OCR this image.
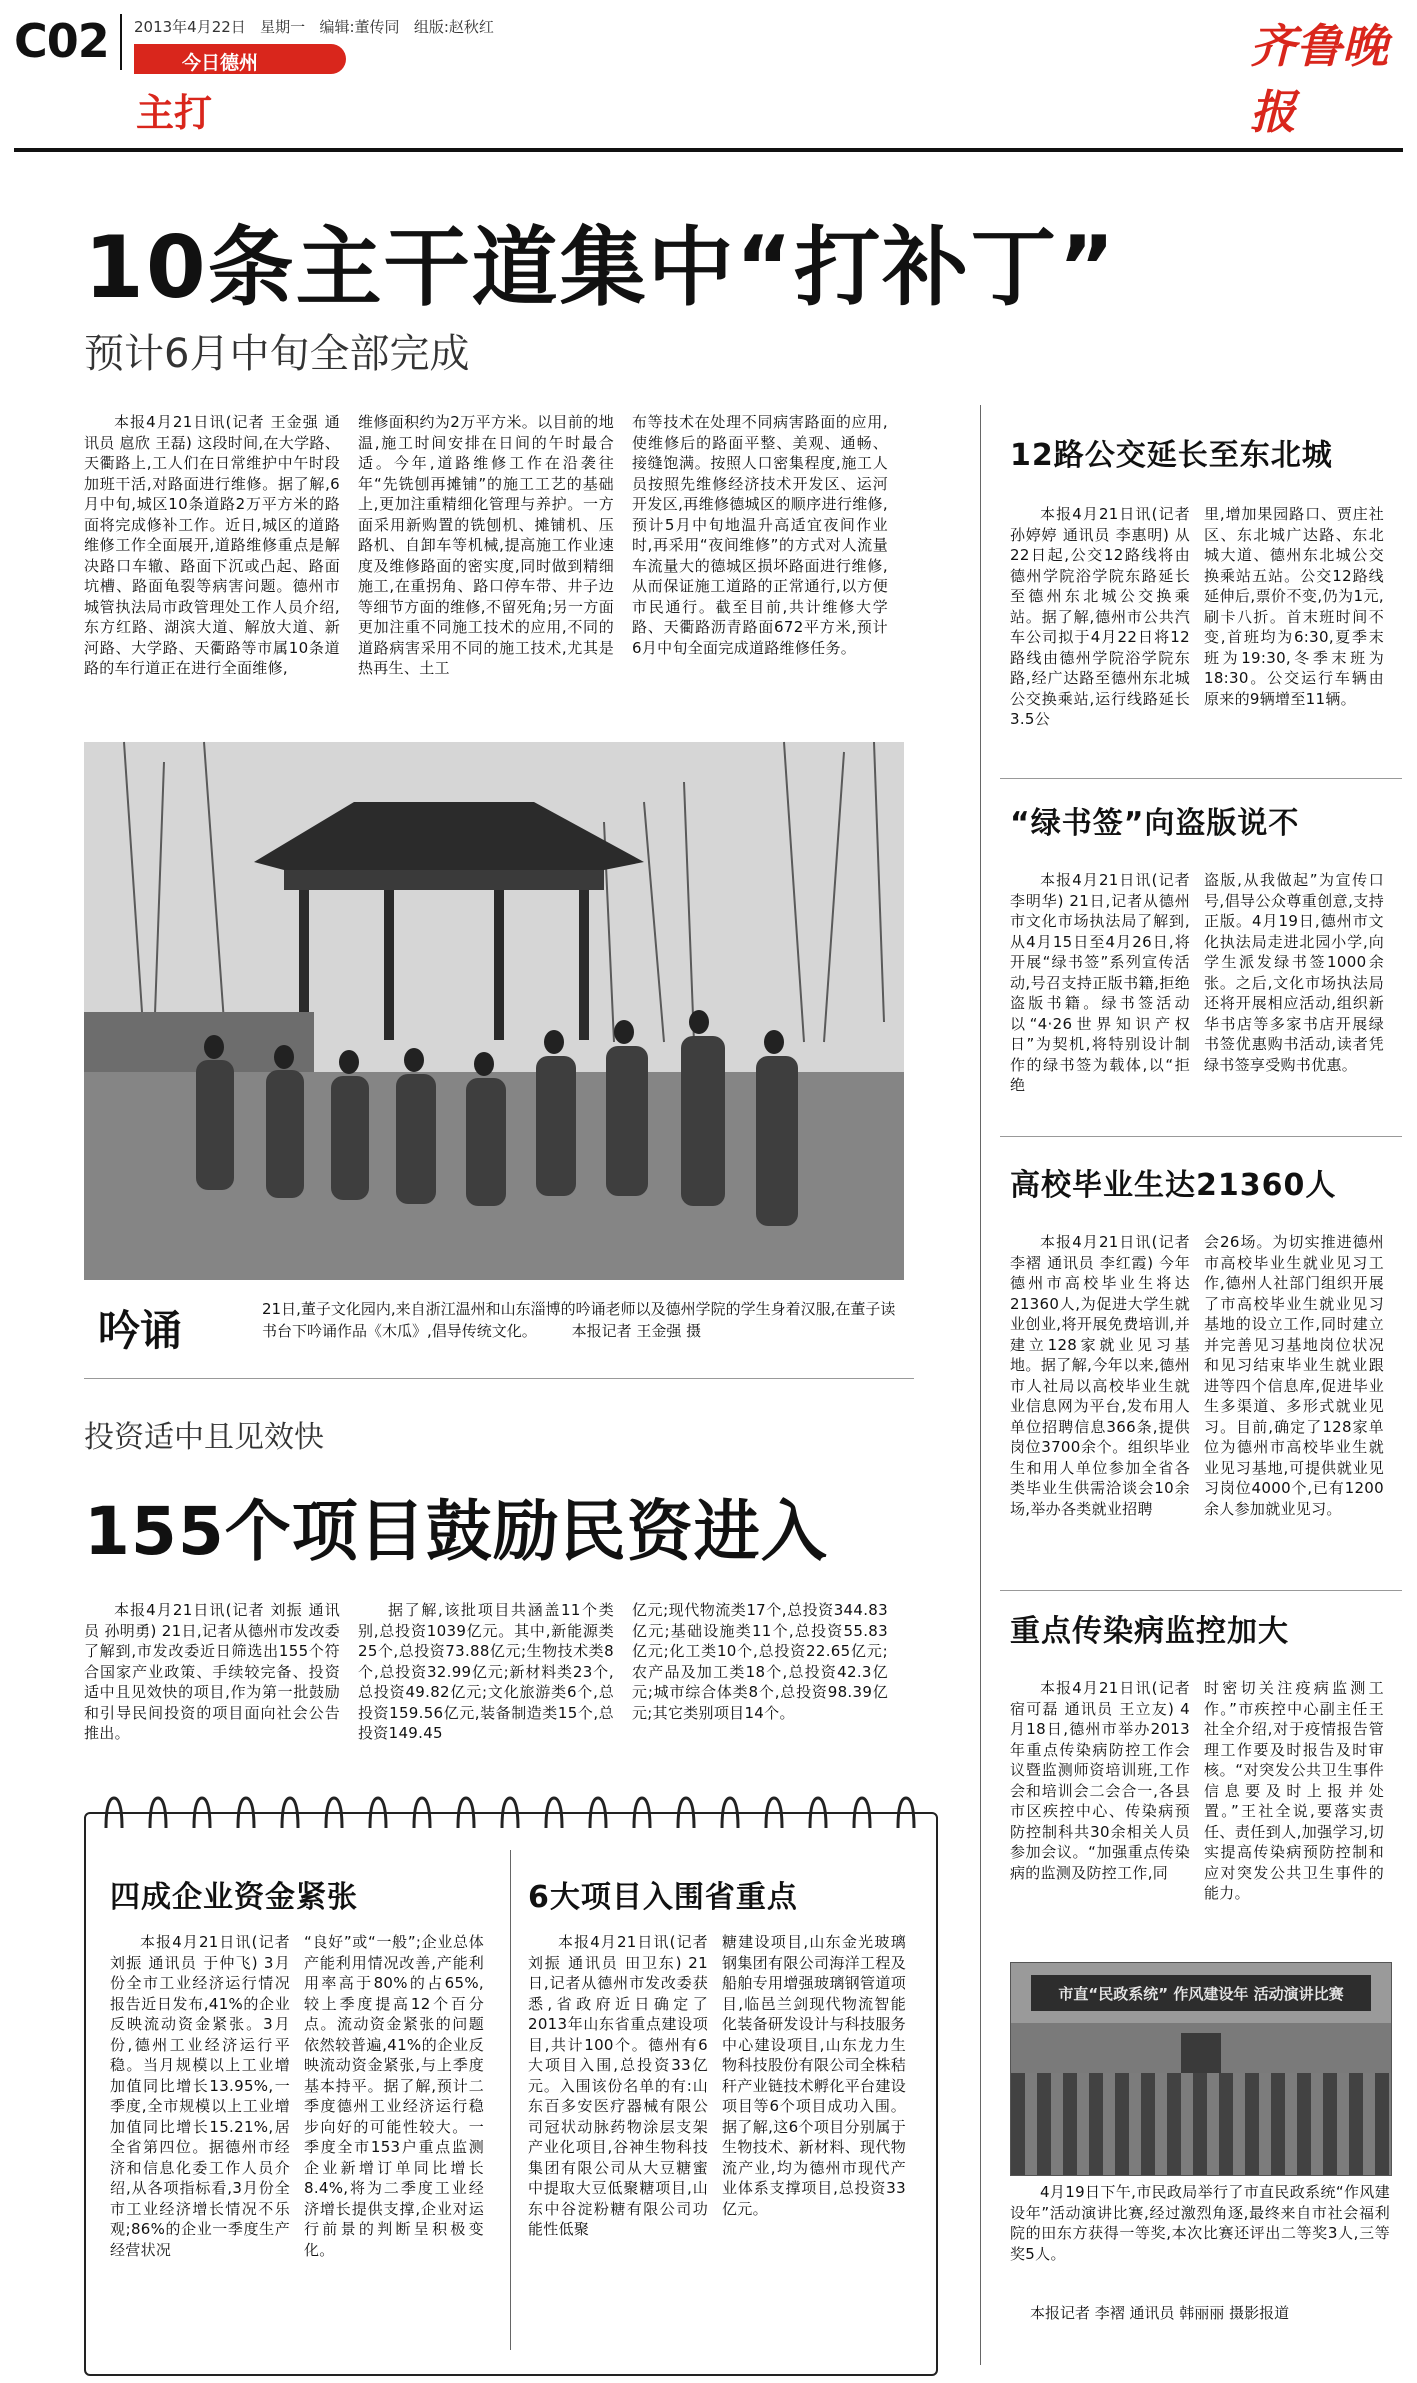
C02 2013年4月22日 星期一 编辑:董传同 组版:赵秋红
今日德州
主打
齐鲁晚报
10条主干道集中“打补丁”
预计6月中旬全部完成

本报4月21日讯(记者 王金强 通讯员 扈欣 王磊) 这段时间,在大学路、天衢路上,工人们在日常维护中午时段加班干活,对路面进行维修。据了解,6月中旬,城区10条道路2万平方米的路面将完成修补工作。近日,城区的道路维修工作全面展开,道路维修重点是解决路口车辙、路面下沉或凸起、路面坑槽、路面龟裂等病害问题。德州市城管执法局市政管理处工作人员介绍,东方红路、湖滨大道、解放大道、新河路、大学路、天衢路等市属10条道路的车行道正在进行全面维修,

维修面积约为2万平方米。以目前的地温,施工时间安排在日间的午时最合适。今年,道路维修工作在沿袭往年“先铣刨再摊铺”的施工工艺的基础上,更加注重精细化管理与养护。一方面采用新购置的铣刨机、摊铺机、压路机、自卸车等机械,提高施工作业速度及维修路面的密实度,同时做到精细施工,在重拐角、路口停车带、井子边等细节方面的维修,不留死角;另一方面更加注重不同施工技术的应用,不同的道路病害采用不同的施工技术,尤其是热再生、土工

布等技术在处理不同病害路面的应用,使维修后的路面平整、美观、通畅、接缝饱满。按照人口密集程度,施工人员按照先维修经济技术开发区、运河开发区,再维修德城区的顺序进行维修,预计5月中旬地温升高适宜夜间作业时,再采用“夜间维修”的方式对人流量车流量大的德城区损坏路面进行维修,从而保证施工道路的正常通行,以方便市民通行。截至目前,共计维修大学路、天衢路沥青路面672平方米,预计6月中旬全面完成道路维修任务。

吟诵	21日,董子文化园内,来自浙江温州和山东淄博的吟诵老师以及德州学院的学生身着汉服,在董子读书台下吟诵作品《木瓜》,倡导传统文化。 本报记者 王金强 摄
投资适中且见效快
155个项目鼓励民资进入

本报4月21日讯(记者 刘振 通讯员 孙明勇) 21日,记者从德州市发改委了解到,市发改委近日筛选出155个符合国家产业政策、手续较完备、投资适中且见效快的项目,作为第一批鼓励和引导民间投资的项目面向社会公告推出。

据了解,该批项目共涵盖11个类别,总投资1039亿元。其中,新能源类25个,总投资73.88亿元;生物技术类8个,总投资32.99亿元;新材料类23个,总投资49.82亿元;文化旅游类6个,总投资159.56亿元,装备制造类15个,总投资149.45

亿元;现代物流类17个,总投资344.83亿元;基础设施类11个,总投资55.83亿元;化工类10个,总投资22.65亿元;农产品及加工类18个,总投资42.3亿元;城市综合体类8个,总投资98.39亿元;其它类别项目14个。

四成企业资金紧张

本报4月21日讯(记者 刘振 通讯员 于仲飞) 3月份全市工业经济运行情况报告近日发布,41%的企业反映流动资金紧张。3月份,德州工业经济运行平稳。当月规模以上工业增加值同比增长13.95%,一季度,全市规模以上工业增加值同比增长15.21%,居全省第四位。据德州市经济和信息化委工作人员介绍,从各项指标看,3月份全市工业经济增长情况不乐观;86%的企业一季度生产经营状况

“良好”或“一般”;企业总体产能利用情况改善,产能利用率高于80%的占65%,较上季度提高12个百分点。流动资金紧张的问题依然较普遍,41%的企业反映流动资金紧张,与上季度基本持平。据了解,预计二季度德州工业经济运行稳步向好的可能性较大。一季度全市153户重点监测企业新增订单同比增长8.4%,将为二季度工业经济增长提供支撑,企业对运行前景的判断呈积极变化。

6大项目入围省重点

本报4月21日讯(记者 刘振 通讯员 田卫东) 21日,记者从德州市发改委获悉,省政府近日确定了2013年山东省重点建设项目,共计100个。德州有6大项目入围,总投资33亿元。入围该份名单的有:山东百多安医疗器械有限公司冠状动脉药物涂层支架产业化项目,谷神生物科技集团有限公司从大豆糖蜜中提取大豆低聚糖项目,山东中谷淀粉糖有限公司功能性低聚

糖建设项目,山东金光玻璃钢集团有限公司海洋工程及船舶专用增强玻璃钢管道项目,临邑兰剑现代物流智能化装备研发设计与科技服务中心建设项目,山东龙力生物科技股份有限公司全株秸秆产业链技术孵化平台建设项目等6个项目成功入围。据了解,这6个项目分别属于生物技术、新材料、现代物流产业,均为德州市现代产业体系支撑项目,总投资33亿元。

12路公交延长至东北城

本报4月21日讯(记者 孙婷婷 通讯员 李惠明) 从22日起,公交12路线将由德州学院浴学院东路延长至德州东北城公交换乘站。据了解,德州市公共汽车公司拟于4月22日将12路线由德州学院浴学院东路,经广达路至德州东北城公交换乘站,运行线路延长3.5公

里,增加果园路口、贾庄社区、东北城广达路、东北城大道、德州东北城公交换乘站五站。公交12路线延伸后,票价不变,仍为1元,刷卡八折。首末班时间不变,首班均为6:30,夏季末班为19:30,冬季末班为18:30。公交运行车辆由原来的9辆增至11辆。

“绿书签”向盗版说不

本报4月21日讯(记者 李明华) 21日,记者从德州市文化市场执法局了解到,从4月15日至4月26日,将开展“绿书签”系列宣传活动,号召支持正版书籍,拒绝盗版书籍。绿书签活动以“4·26世界知识产权日”为契机,将特别设计制作的绿书签为载体,以“拒绝

盗版,从我做起”为宣传口号,倡导公众尊重创意,支持正版。4月19日,德州市文化执法局走进北园小学,向学生派发绿书签1000余张。之后,文化市场执法局还将开展相应活动,组织新华书店等多家书店开展绿书签优惠购书活动,读者凭绿书签享受购书优惠。

高校毕业生达21360人

本报4月21日讯(记者 李褶 通讯员 李红霞) 今年德州市高校毕业生将达21360人,为促进大学生就业创业,将开展免费培训,并建立128家就业见习基地。据了解,今年以来,德州市人社局以高校毕业生就业信息网为平台,发布用人单位招聘信息366条,提供岗位3700余个。组织毕业生和用人单位参加全省各类毕业生供需洽谈会10余场,举办各类就业招聘

会26场。为切实推进德州市高校毕业生就业见习工作,德州人社部门组织开展了市高校毕业生就业见习基地的设立工作,同时建立并完善见习基地岗位状况和见习结束毕业生就业跟进等四个信息库,促进毕业生多渠道、多形式就业见习。目前,确定了128家单位为德州市高校毕业生就业见习基地,可提供就业见习岗位4000个,已有1200余人参加就业见习。

重点传染病监控加大

本报4月21日讯(记者 宿可磊 通讯员 王立友) 4月18日,德州市举办2013年重点传染病防控工作会议暨监测师资培训班,工作会和培训会二会合一,各县市区疾控中心、传染病预防控制科共30余相关人员参加会议。“加强重点传染病的监测及防控工作,同

时密切关注疫病监测工作。”市疾控中心副主任王社全介绍,对于疫情报告管理工作要及时报告及时审核。“对突发公共卫生事件信息要及时上报并处置。”王社全说,要落实责任、责任到人,加强学习,切实提高传染病预防控制和应对突发公共卫生事件的能力。

市直“民政系统” 作风建设年 活动演讲比赛

4月19日下午,市民政局举行了市直民政系统“作风建设年”活动演讲比赛,经过激烈角逐,最终来自市社会福利院的田东方获得一等奖,本次比赛还评出二等奖3人,三等奖5人。

本报记者 李褶 通讯员 韩丽丽 摄影报道
